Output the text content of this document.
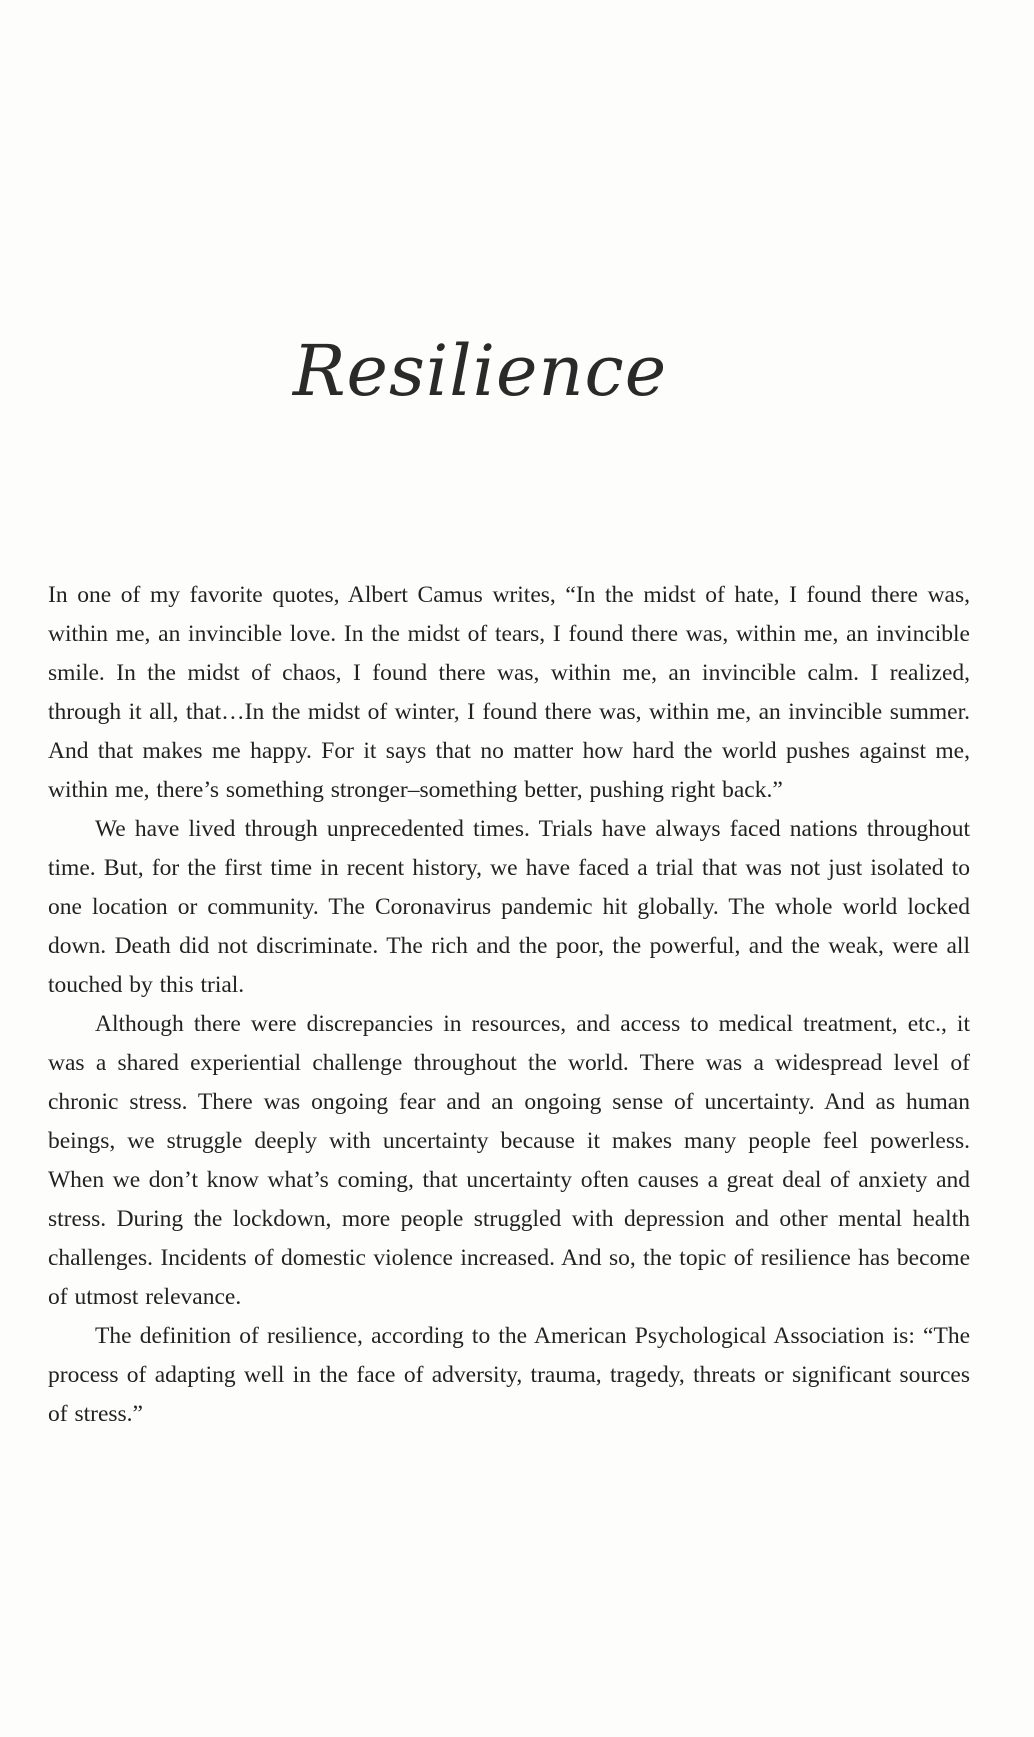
Resilience

In one of my favorite quotes, Albert Camus writes, “In the midst of hate, I found there was, within me, an invincible love. In the midst of tears, I found there was, within me, an invincible smile. In the midst of chaos, I found there was, within me, an invincible calm. I realized, through it all, that…In the midst of winter, I found there was, within me, an invincible summer. And that makes me happy. For it says that no matter how hard the world pushes against me, within me, there’s something stronger–something better, pushing right back.”

We have lived through unprecedented times. Trials have always faced nations throughout time. But, for the first time in recent history, we have faced a trial that was not just isolated to one location or community. The Coronavirus pandemic hit globally. The whole world locked down. Death did not discriminate. The rich and the poor, the powerful, and the weak, were all touched by this trial.

Although there were discrepancies in resources, and access to medical treatment, etc., it was a shared experiential challenge throughout the world. There was a widespread level of chronic stress. There was ongoing fear and an ongoing sense of uncertainty. And as human beings, we struggle deeply with uncertainty because it makes many people feel powerless. When we don’t know what’s coming, that uncertainty often causes a great deal of anxiety and stress. During the lockdown, more people struggled with depression and other mental health challenges. Incidents of domestic violence increased. And so, the topic of resilience has become of utmost relevance.

The definition of resilience, according to the American Psychological Association is: “The process of adapting well in the face of adversity, trauma, tragedy, threats or significant sources of stress.”
